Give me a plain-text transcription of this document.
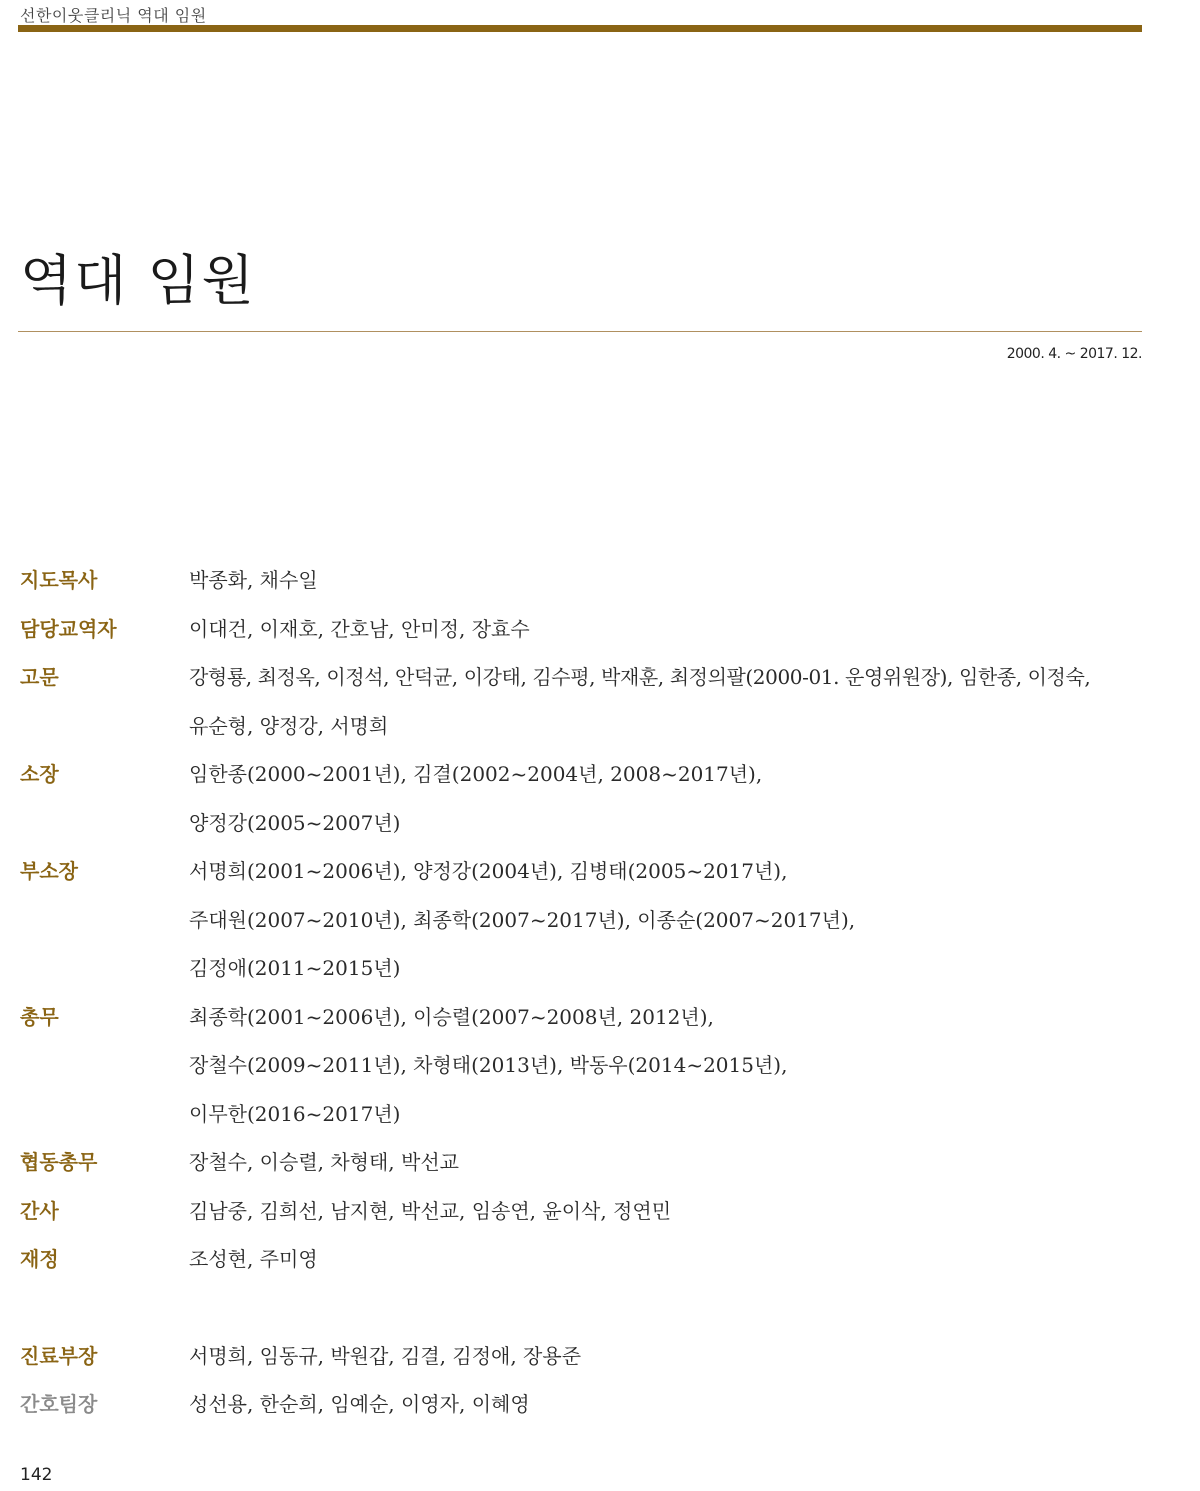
선한이웃클리닉 역대 임원
역대 임원
2000. 4. ~ 2017. 12.
지도목사	박종화, 채수일
담당교역자	이대건, 이재호, 간호남, 안미정, 장효수
고문	강형룡, 최정옥, 이정석, 안덕균, 이강태, 김수평, 박재훈, 최정의팔(2000-01. 운영위원장), 임한종, 이정숙,
유순형, 양정강, 서명희
소장	임한종(2000~2001년), 김결(2002~2004년, 2008~2017년),
양정강(2005~2007년)
부소장	서명희(2001~2006년), 양정강(2004년), 김병태(2005~2017년),
주대원(2007~2010년), 최종학(2007~2017년), 이종순(2007~2017년),
김정애(2011~2015년)
총무	최종학(2001~2006년), 이승렬(2007~2008년, 2012년),
장철수(2009~2011년), 차형태(2013년), 박동우(2014~2015년),
이무한(2016~2017년)
협동총무	장철수, 이승렬, 차형태, 박선교
간사	김남중, 김희선, 남지현, 박선교, 임송연, 윤이삭, 정연민
재정	조성현, 주미영
진료부장	서명희, 임동규, 박원갑, 김결, 김정애, 장용준
간호팀장	성선용, 한순희, 임예순, 이영자, 이혜영
142
